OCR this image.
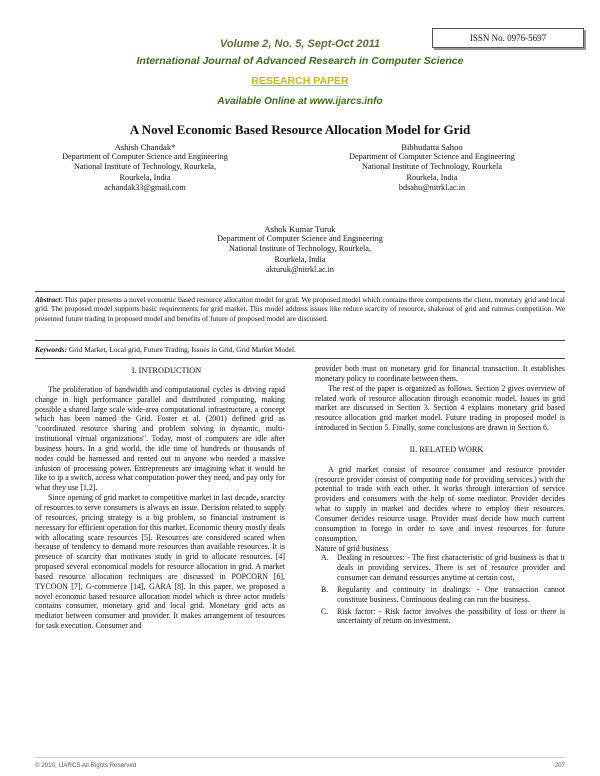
ISSN No. 0976-5697
Volume 2, No. 5, Sept-Oct 2011
International Journal of Advanced Research in Computer Science
RESEARCH PAPER
Available Online at www.ijarcs.info
A Novel Economic Based Resource Allocation Model for Grid
Ashish Chandak*
Department of Computer Science and Engineering
National Institute of Technology, Rourkela,
Rourkela, India
achandak33@gmail.com
Bibhudatta Sahoo
Department of Computer Science and Engineering
National Institute of Technology, Rourkela
Rourkela, India
bdsahu@nitrkl.ac.in
Ashok Kumar Turuk
Department of Computer Science and Engineering
National Institute of Technology, Rourkela,
Rourkela, India
akturuk@nitrkl.ac.in
Abstract: This paper presents a novel economic based resource allocation model for grid. We proposed model which contains three components the client, monetary grid and local grid. The proposed model supports basic requirements for grid market. This model address issues like reduce scarcity of resource, shakeout of grid and ruinous competition. We presented future trading in proposed model and benefits of future of proposed model are discussed.
Keywords: Grid Market, Local grid, Future Trading, Issues in Grid, Grid Market Model.

I. INTRODUCTION

The proliferation of bandwidth and computational cycles is driving rapid change in high performance parallel and distributed computing, making possible a shared large scale wide-area computational infrastructure, a concept which has been named the Grid. Foster et al. (2001) defined grid as "coordinated resource sharing and problem solving in dynamic, multi-institutional virtual organizations". Today, most of computers are idle after business hours. In a grid world, the idle time of hundreds or thousands of nodes could be harnessed and rented out to anyone who needed a massive infusion of processing power. Entrepreneurs are imagining what it would be like to ip a switch, access what computation power they need, and pay only for what they use [1,2].

Since opening of grid market to competitive market in last decade, scarcity of resources to serve consumers is always an issue. Decision related to supply of resources, pricing strategy is a big problem, so financial instrument is necessary for efficient operation for this market. Economic theory mostly deals with allocating scare resources [5]. Resources are considered scared when because of tendency to demand more resources than available resources. It is presence of scarcity that motivates study in grid to allocate resources. [4] proposed several economical models for resource allocation in grid. A market based resource allocation techniques are discussed in POPCORN [6], TYCOON [7], G-commerce [14], GARA [8]. In this paper, we proposed a novel economic based resource allocation model which is three actor models contains consumer, monetary grid and local grid. Monetary grid acts as mediator between consumer and provider. It makes arrangement of resources for task execution. Consumer and

provider both trust on monetary grid for financial transaction. It establishes monetary policy to coordinate between them.

The rest of the paper is organized as follows. Section 2 gives overview of related work of resource allocation through economic model. Issues in grid market are discussed in Section 3. Section 4 explains monetary grid based resource allocation grid market model. Future trading in proposed model is introduced in Section 5. Finally, some conclusions are drawn in Section 6.

II. RELATED WORK

A grid market consist of resource consumer and resource provider (resource provider consist of computing node for providing services.) with the potential to trade with each other. It works through interaction of service providers and consumers with the help of some mediator. Provider decides what to supply in market and decides where to employ their resources. Consumer decides resource usage. Provider must decide how much current consumption to forego in order to save and invest resources for future consumption.

Nature of grid business

A. Dealing in resources: - The first characteristic of grid business is that it deals in providing services. There is set of resource provider and consumer can demand resources anytime at certain cost.
B. Regularity and continuity in dealings: - One transaction cannot constitute business. Continuous dealing can run the business.
C. Risk factor: - Risk factor involves the possibility of loss or there is uncertainty of return on investment.
© 2010, IJARCS All Rights Reserved	207
